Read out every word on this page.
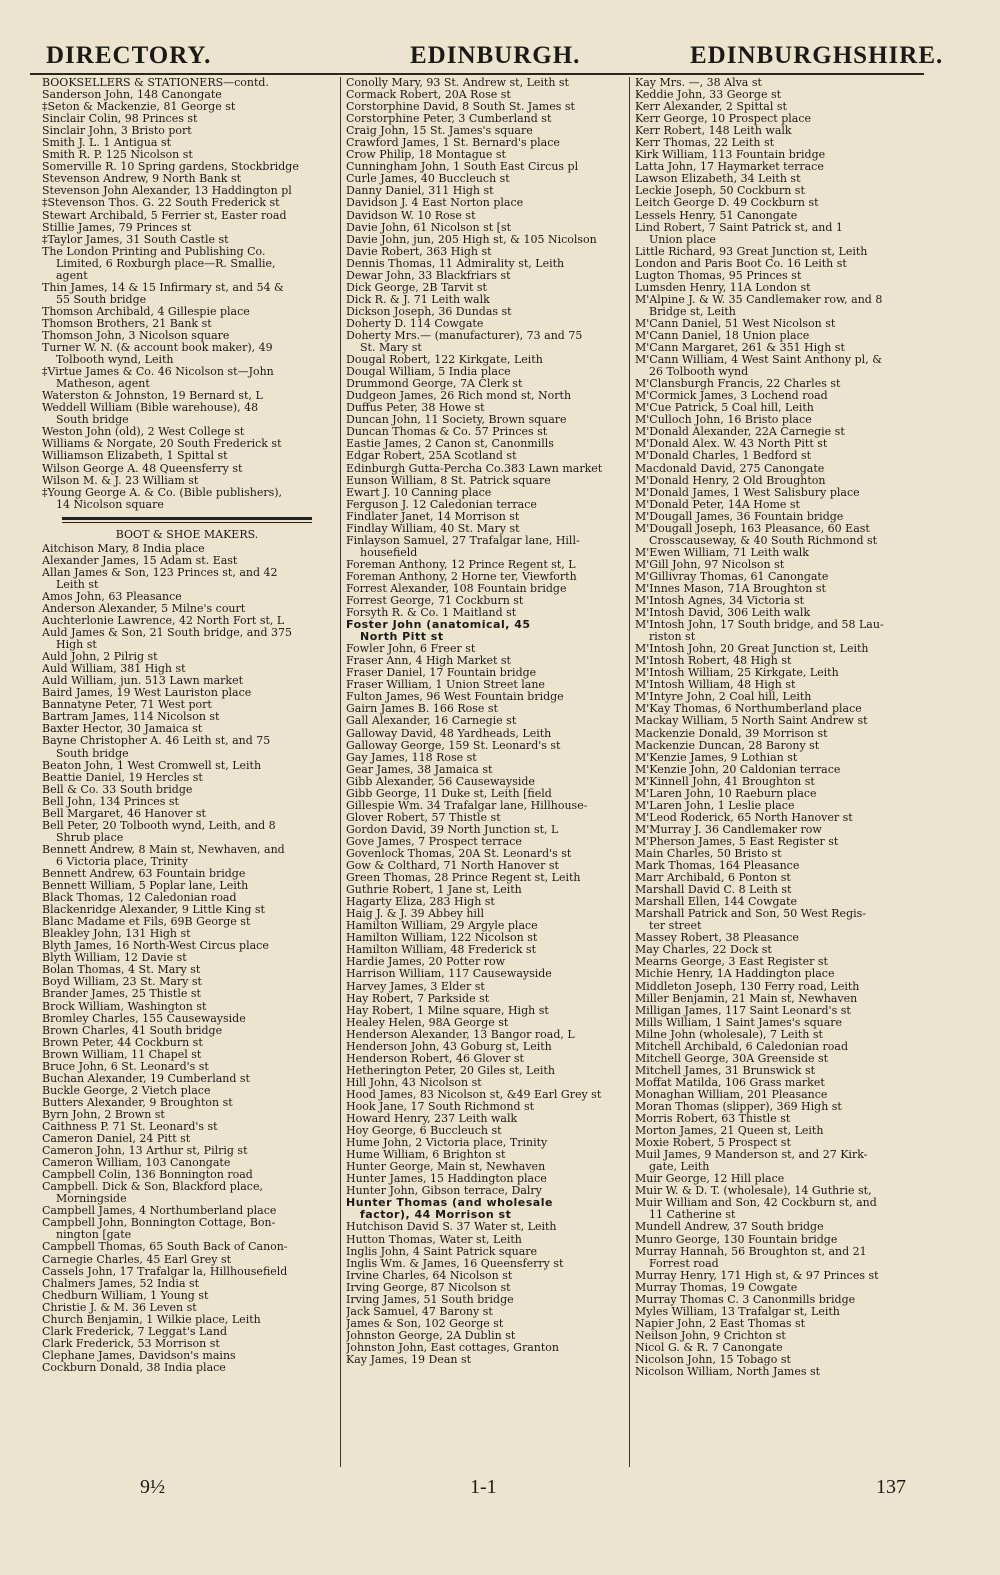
DIRECTORY.	EDINBURGH.	EDINBURGHSHIRE.
BOOKSELLERS & STATIONERS—contd.
Sanderson John, 148 Canongate
‡Seton & Mackenzie, 81 George st
Sinclair Colin, 98 Princes st
Sinclair John, 3 Bristo port
Smith J. L. 1 Antigua st
Smith R. P. 125 Nicolson st
Somerville R. 10 Spring gardens, Stockbridge
Stevenson Andrew, 9 North Bank st
Stevenson John Alexander, 13 Haddington pl
‡Stevenson Thos. G. 22 South Frederick st
Stewart Archibald, 5 Ferrier st, Easter road
Stillie James, 79 Princes st
‡Taylor James, 31 South Castle st
The London Printing and Publishing Co.
Limited, 6 Roxburgh place—R. Smallie,
agent
Thin James, 14 & 15 Infirmary st, and 54 &
55 South bridge
Thomson Archibald, 4 Gillespie place
Thomson Brothers, 21 Bank st
Thomson John, 3 Nicolson square
Turner W. N. (& account book maker), 49
Tolbooth wynd, Leith
‡Virtue James & Co. 46 Nicolson st—John
Matheson, agent
Waterston & Johnston, 19 Bernard st, L
Weddell William (Bible warehouse), 48
South bridge
Weston John (old), 2 West College st
Williams & Norgate, 20 South Frederick st
Williamson Elizabeth, 1 Spittal st
Wilson George A. 48 Queensferry st
Wilson M. & J. 23 William st
‡Young George A. & Co. (Bible publishers),
14 Nicolson square
BOOT & SHOE MAKERS.
Aitchison Mary, 8 India place
Alexander James, 15 Adam st. East
Allan James & Son, 123 Princes st, and 42
Leith st
Amos John, 63 Pleasance
Anderson Alexander, 5 Milne's court
Auchterlonie Lawrence, 42 North Fort st, L
Auld James & Son, 21 South bridge, and 375
High st
Auld John, 2 Pilrig st
Auld William, 381 High st
Auld William, jun. 513 Lawn market
Baird James, 19 West Lauriston place
Bannatyne Peter, 71 West port
Bartram James, 114 Nicolson st
Baxter Hector, 30 Jamaica st
Bayne Christopher A. 46 Leith st, and 75
South bridge
Beaton John, 1 West Cromwell st, Leith
Beattie Daniel, 19 Hercles st
Bell & Co. 33 South bridge
Bell John, 134 Princes st
Bell Margaret, 46 Hanover st
Bell Peter, 20 Tolbooth wynd, Leith, and 8
Shrub place
Bennett Andrew, 8 Main st, Newhaven, and
6 Victoria place, Trinity
Bennett Andrew, 63 Fountain bridge
Bennett William, 5 Poplar lane, Leith
Black Thomas, 12 Caledonian road
Blackenridge Alexander, 9 Little King st
Blanc Madame et Fils, 69B George st
Bleakley John, 131 High st
Blyth James, 16 North-West Circus place
Blyth William, 12 Davie st
Bolan Thomas, 4 St. Mary st
Boyd William, 23 St. Mary st
Brander James, 25 Thistle st
Brock William, Washington st
Bromley Charles, 155 Causewayside
Brown Charles, 41 South bridge
Brown Peter, 44 Cockburn st
Brown William, 11 Chapel st
Bruce John, 6 St. Leonard's st
Buchan Alexander, 19 Cumberland st
Buckle George, 2 Vietch place
Butters Alexander, 9 Broughton st
Byrn John, 2 Brown st
Caithness P. 71 St. Leonard's st
Cameron Daniel, 24 Pitt st
Cameron John, 13 Arthur st, Pilrig st
Cameron William, 103 Canongate
Campbell Colin, 136 Bonnington road
Campbell. Dick & Son, Blackford place,
Morningside
Campbell James, 4 Northumberland place
Campbell John, Bonnington Cottage, Bon-
nington [gate
Campbell Thomas, 65 South Back of Canon-
Carnegie Charles, 45 Earl Grey st
Cassels John, 17 Trafalgar la, Hillhousefield
Chalmers James, 52 India st
Chedburn William, 1 Young st
Christie J. & M. 36 Leven st
Church Benjamin, 1 Wilkie place, Leith
Clark Frederick, 7 Leggat's Land
Clark Frederick, 53 Morrison st
Clephane James, Davidson's mains
Cockburn Donald, 38 India place
Conolly Mary, 93 St. Andrew st, Leith st
Cormack Robert, 20A Rose st
Corstorphine David, 8 South St. James st
Corstorphine Peter, 3 Cumberland st
Craig John, 15 St. James's square
Crawford James, 1 St. Bernard's place
Crow Philip, 18 Montague st
Cunningham John, 1 South East Circus pl
Curle James, 40 Buccleuch st
Danny Daniel, 311 High st
Davidson J. 4 East Norton place
Davidson W. 10 Rose st
Davie John, 61 Nicolson st [st
Davie John, jun, 205 High st, & 105 Nicolson
Davie Robert, 363 High st
Dennis Thomas, 11 Admirality st, Leith
Dewar John, 33 Blackfriars st
Dick George, 2B Tarvit st
Dick R. & J. 71 Leith walk
Dickson Joseph, 36 Dundas st
Doherty D. 114 Cowgate
Doherty Mrs.— (manufacturer), 73 and 75
St. Mary st
Dougal Robert, 122 Kirkgate, Leith
Dougal William, 5 India place
Drummond George, 7A Clerk st
Dudgeon James, 26 Rich mond st, North
Duffus Peter, 38 Howe st
Duncan John, 11 Society, Brown square
Duncan Thomas & Co. 57 Princes st
Eastie James, 2 Canon st, Canonmills
Edgar Robert, 25A Scotland st
Edinburgh Gutta-Percha Co.383 Lawn market
Eunson William, 8 St. Patrick square
Ewart J. 10 Canning place
Ferguson J. 12 Caledonian terrace
Findlater Janet, 14 Morrison st
Findlay William, 40 St. Mary st
Finlayson Samuel, 27 Trafalgar lane, Hill-
housefield
Foreman Anthony, 12 Prince Regent st, L
Foreman Anthony, 2 Horne ter, Viewforth
Forrest Alexander, 108 Fountain bridge
Forrest George, 71 Cockburn st
Forsyth R. & Co. 1 Maitland st
Foster John (anatomical, 45
North Pitt st
Fowler John, 6 Freer st
Fraser Ann, 4 High Market st
Fraser Daniel, 17 Fountain bridge
Fraser William, 1 Union Street lane
Fulton James, 96 West Fountain bridge
Gairn James B. 166 Rose st
Gall Alexander, 16 Carnegie st
Galloway David, 48 Yardheads, Leith
Galloway George, 159 St. Leonard's st
Gay James, 118 Rose st
Gear James, 38 Jamaica st
Gibb Alexander, 56 Causewayside
Gibb George, 11 Duke st, Leith [field
Gillespie Wm. 34 Trafalgar lane, Hillhouse-
Glover Robert, 57 Thistle st
Gordon David, 39 North Junction st, L
Gove James, 7 Prospect terrace
Govenlock Thomas, 20A St. Leonard's st
Gow & Colthard, 71 North Hanover st
Green Thomas, 28 Prince Regent st, Leith
Guthrie Robert, 1 Jane st, Leith
Hagarty Eliza, 283 High st
Haig J. & J. 39 Abbey hill
Hamilton William, 29 Argyle place
Hamilton William, 122 Nicolson st
Hamilton William, 48 Frederick st
Hardie James, 20 Potter row
Harrison William, 117 Causewayside
Harvey James, 3 Elder st
Hay Robert, 7 Parkside st
Hay Robert, 1 Milne square, High st
Healey Helen, 98A George st
Henderson Alexander, 13 Bangor road, L
Henderson John, 43 Goburg st, Leith
Henderson Robert, 46 Glover st
Hetherington Peter, 20 Giles st, Leith
Hill John, 43 Nicolson st
Hood James, 83 Nicolson st, &49 Earl Grey st
Hook Jane, 17 South Richmond st
Howard Henry, 237 Leith walk
Hoy George, 6 Buccleuch st
Hume John, 2 Victoria place, Trinity
Hume William, 6 Brighton st
Hunter George, Main st, Newhaven
Hunter James, 15 Haddington place
Hunter John, Gibson terrace, Dalry
Hunter Thomas (and wholesale
factor), 44 Morrison st
Hutchison David S. 37 Water st, Leith
Hutton Thomas, Water st, Leith
Inglis John, 4 Saint Patrick square
Inglis Wm. & James, 16 Queensferry st
Irvine Charles, 64 Nicolson st
Irving George, 87 Nicolson st
Irving James, 51 South bridge
Jack Samuel, 47 Barony st
James & Son, 102 George st
Johnston George, 2A Dublin st
Johnston John, East cottages, Granton
Kay James, 19 Dean st
Kay Mrs. —, 38 Alva st
Keddie John, 33 George st
Kerr Alexander, 2 Spittal st
Kerr George, 10 Prospect place
Kerr Robert, 148 Leith walk
Kerr Thomas, 22 Leith st
Kirk William, 113 Fountain bridge
Latta John, 17 Haymarket terrace
Lawson Elizabeth, 34 Leith st
Leckie Joseph, 50 Cockburn st
Leitch George D. 49 Cockburn st
Lessels Henry, 51 Canongate
Lind Robert, 7 Saint Patrick st, and 1
Union place
Little Richard, 93 Great Junction st, Leith
London and Paris Boot Co. 16 Leith st
Lugton Thomas, 95 Princes st
Lumsden Henry, 11A London st
M'Alpine J. & W. 35 Candlemaker row, and 8
Bridge st, Leith
M'Cann Daniel, 51 West Nicolson st
M'Cann Daniel, 18 Union place
M'Cann Margaret, 261 & 351 High st
M'Cann William, 4 West Saint Anthony pl, &
26 Tolbooth wynd
M'Clansburgh Francis, 22 Charles st
M'Cormick James, 3 Lochend road
M'Cue Patrick, 5 Coal hill, Leith
M'Culloch John, 16 Bristo place
M'Donald Alexander, 22A Carnegie st
M'Donald Alex. W. 43 North Pitt st
M'Donald Charles, 1 Bedford st
Macdonald David, 275 Canongate
M'Donald Henry, 2 Old Broughton
M'Donald James, 1 West Salisbury place
M'Donald Peter, 14A Home st
M'Dougall James, 36 Fountain bridge
M'Dougall Joseph, 163 Pleasance, 60 East
Crosscauseway, & 40 South Richmond st
M'Ewen William, 71 Leith walk
M'Gill John, 97 Nicolson st
M'Gillivray Thomas, 61 Canongate
M'Innes Mason, 71A Broughton st
M'Intosh Agnes, 34 Victoria st
M'Intosh David, 306 Leith walk
M'Intosh John, 17 South bridge, and 58 Lau-
riston st
M'Intosh John, 20 Great Junction st, Leith
M'Intosh Robert, 48 High st
M'Intosh William, 25 Kirkgate, Leith
M'Intosh William, 48 High st
M'Intyre John, 2 Coal hill, Leith
M'Kay Thomas, 6 Northumberland place
Mackay William, 5 North Saint Andrew st
Mackenzie Donald, 39 Morrison st
Mackenzie Duncan, 28 Barony st
M'Kenzie James, 9 Lothian st
M'Kenzie John, 20 Caldonian terrace
M'Kinnell John, 41 Broughton st
M'Laren John, 10 Raeburn place
M'Laren John, 1 Leslie place
M'Leod Roderick, 65 North Hanover st
M'Murray J. 36 Candlemaker row
M'Pherson James, 5 East Register st
Main Charles, 50 Bristo st
Mark Thomas, 164 Pleasance
Marr Archibald, 6 Ponton st
Marshall David C. 8 Leith st
Marshall Ellen, 144 Cowgate
Marshall Patrick and Son, 50 West Regis-
ter street
Massey Robert, 38 Pleasance
May Charles, 22 Dock st
Mearns George, 3 East Register st
Michie Henry, 1A Haddington place
Middleton Joseph, 130 Ferry road, Leith
Miller Benjamin, 21 Main st, Newhaven
Milligan James, 117 Saint Leonard's st
Mills William, 1 Saint James's square
Milne John (wholesale), 7 Leith st
Mitchell Archibald, 6 Caledonian road
Mitchell George, 30A Greenside st
Mitchell James, 31 Brunswick st
Moffat Matilda, 106 Grass market
Monaghan William, 201 Pleasance
Moran Thomas (slipper), 369 High st
Morris Robert, 63 Thistle st
Morton James, 21 Queen st, Leith
Moxie Robert, 5 Prospect st
Muil James, 9 Manderson st, and 27 Kirk-
gate, Leith
Muir George, 12 Hill place
Muir W. & D. T. (wholesale), 14 Guthrie st,
Muir William and Son, 42 Cockburn st, and
11 Catherine st
Mundell Andrew, 37 South bridge
Munro George, 130 Fountain bridge
Murray Hannah, 56 Broughton st, and 21
Forrest road
Murray Henry, 171 High st, & 97 Princes st
Murray Thomas, 19 Cowgate
Murray Thomas C. 3 Canonmills bridge
Myles William, 13 Trafalgar st, Leith
Napier John, 2 East Thomas st
Neilson John, 9 Crichton st
Nicol G. & R. 7 Canongate
Nicolson John, 15 Tobago st
Nicolson William, North James st
9½	1-1	137
